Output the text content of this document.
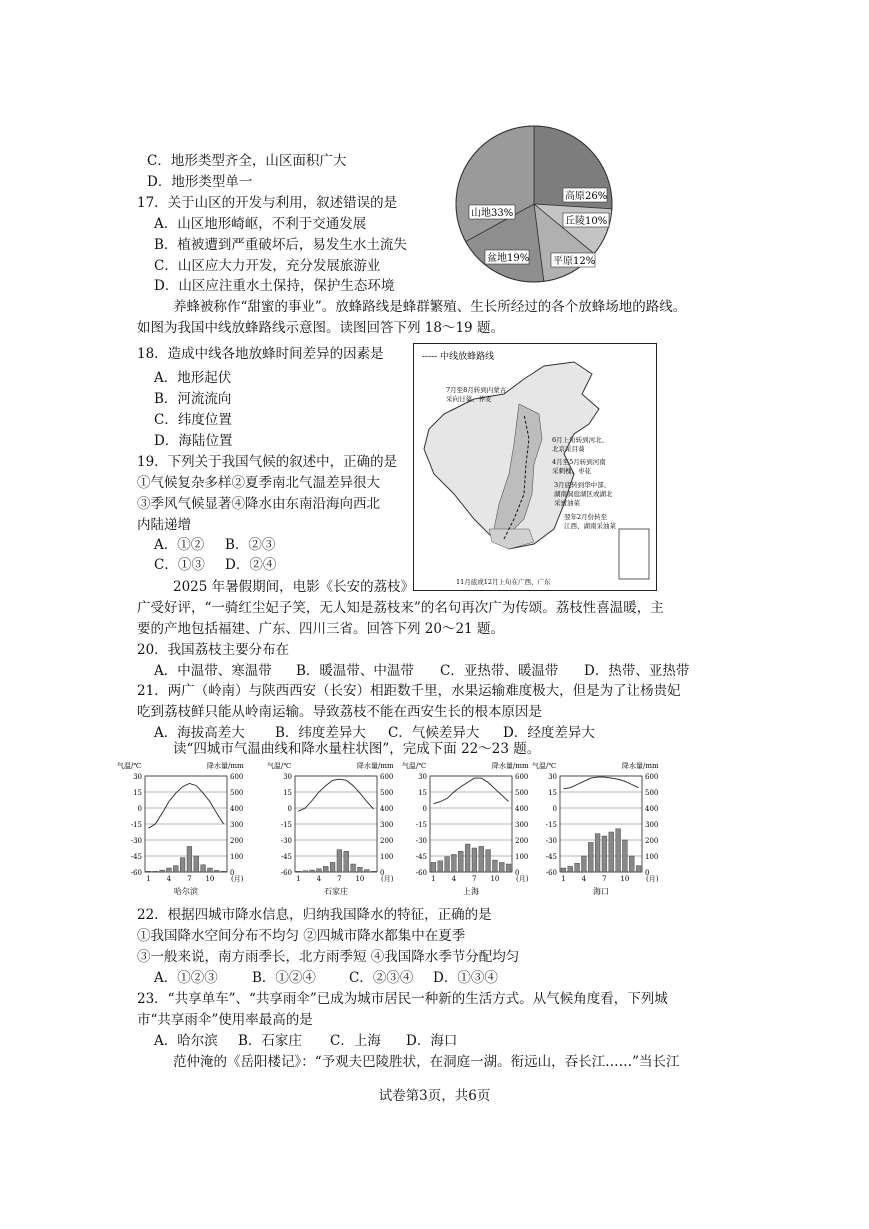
C．地形类型齐全，山区面积广大
D．地形类型单一
17．关于山区的开发与利用，叙述错误的是
A．山区地形崎岖，不利于交通发展
B．植被遭到严重破坏后，易发生水土流失
C．山区应大力开发，充分发展旅游业
D．山区应注重水土保持，保护生态环境
山地33%
高原26%
丘陵10%
平原12%
盆地19%
养蜂被称作“甜蜜的事业”。放蜂路线是蜂群繁殖、生长所经过的各个放蜂场地的路线。
如图为我国中线放蜂路线示意图。读图回答下列 18～19 题。
18．造成中线各地放蜂时间差异的因素是
A．地形起伏
B．河流流向
C．纬度位置
D．海陆位置
19．下列关于我国气候的叙述中，正确的是
①气候复杂多样②夏季南北气温差异很大
③季风气候显著④降水由东南沿海向西北
内陆递增
A．①② B．②③
C．①③ D．②④
----- 中线放蜂路线
7月至8月转到内蒙古
采向日葵、荞麦
6月上旬转到河北、
北京采目葵
4月至5月转到河南
采刺槐、枣花
3月底转到华中部、
湖南洞庭湖区或湖北
采蜜油菜
翌年2月份转至
江西、湖南采油菜
11月底或12月上旬在广西、广东
2025 年暑假期间，电影《长安的荔枝》
广受好评，“一骑红尘妃子笑，无人知是荔枝来”的名句再次广为传颂。荔枝性喜温暖，主
要的产地包括福建、广东、四川三省。回答下列 20～21 题。
20．我国荔枝主要分布在
A．中温带、寒温带 B．暖温带、中温带 C．亚热带、暖温带 D．热带、亚热带
21．两广（岭南）与陕西西安（长安）相距数千里，水果运输难度极大，但是为了让杨贵妃
吃到荔枝鲜只能从岭南运输。导致荔枝不能在西安生长的根本原因是
A．海拔高差大 B．纬度差异大 C．气候差异大 D．经度差异大
读“四城市气温曲线和降水量柱状图”，完成下面 22～23 题。
气温/℃	降水量/mm
30	600
15	500
0	400
-15	300
-30	200
-45	100
-60	0
1 4 7 10 (月)
哈尔滨
气温/℃	降水量/mm
30	600
15	500
0	400
-15	300
-30	200
-45	100
-60	0
1 4 7 10 (月)
石家庄
气温/℃	降水量/mm
30	600
15	500
0	400
-15	300
-30	200
-45	100
-60	0
1 4 7 10 (月)
上海
气温/℃	降水量/mm
30	600
15	500
0	400
-15	300
-30	200
-45	100
-60	0
1 4 7 10 (月)
海口
22．根据四城市降水信息，归纳我国降水的特征，正确的是
①我国降水空间分布不均匀 ②四城市降水都集中在夏季
③一般来说，南方雨季长，北方雨季短 ④我国降水季节分配均匀
A．①②③	B．①②④ C．②③④ D．①③④
23．“共享单车”、“共享雨伞”已成为城市居民一种新的生活方式。从气候角度看，下列城
市“共享雨伞”使用率最高的是
A．哈尔滨 B．石家庄 C．上海 D．海口
范仲淹的《岳阳楼记》：“予观夫巴陵胜状，在洞庭一湖。衔远山，吞长江……”当长江
试卷第3页，共6页
